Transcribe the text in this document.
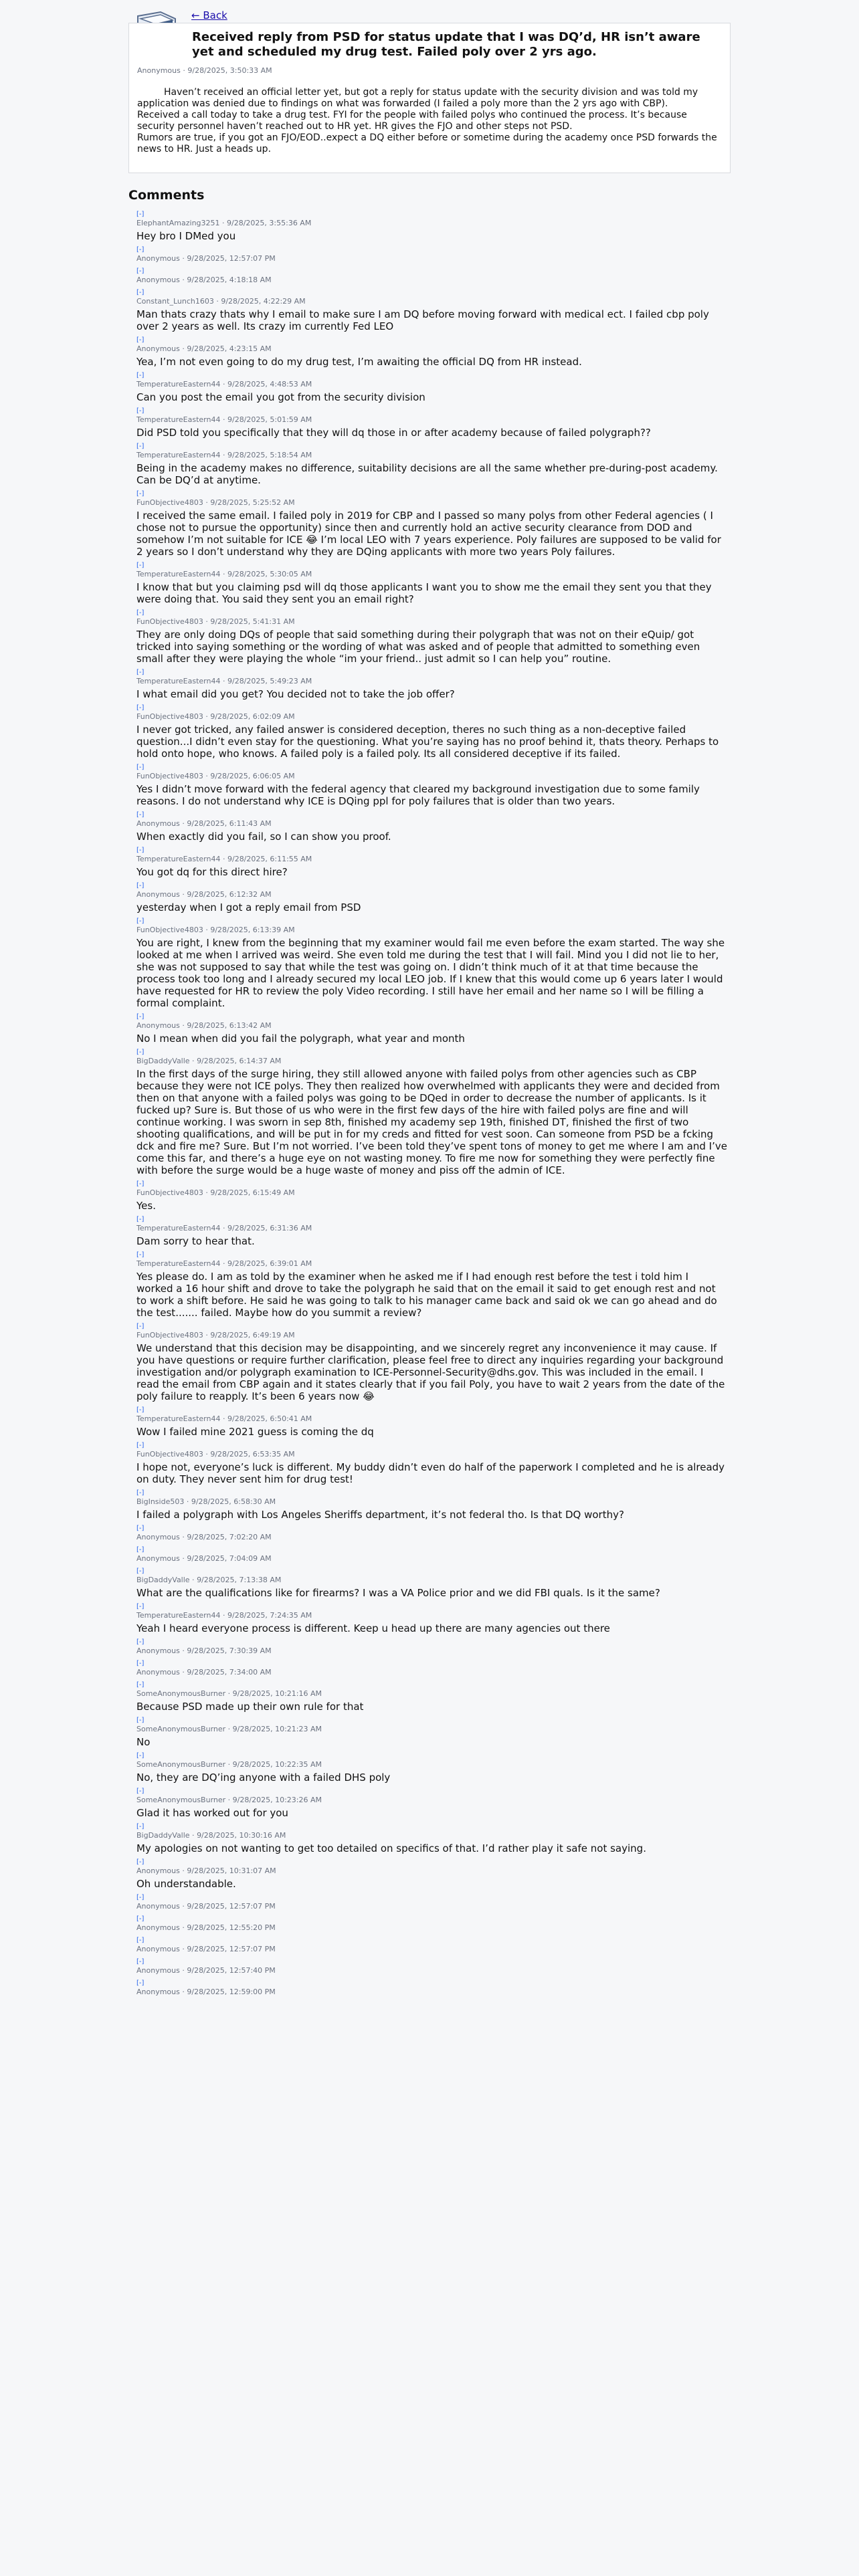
← Back
Received reply from PSD for status update that I was DQ’d, HR isn’t aware yet and scheduled my drug test. Failed poly over 2 yrs ago.
Anonymous · 9/28/2025, 3:50:33 AM
Haven’t received an official letter yet, but got a reply for status update with the security division and was told my application was denied due to findings on what was forwarded (I failed a poly more than the 2 yrs ago with CBP).
Received a call today to take a drug test. FYI for the people with failed polys who continued the process. It’s because security personnel haven’t reached out to HR yet. HR gives the FJO and other steps not PSD.
Rumors are true, if you got an FJO/EOD..expect a DQ either before or sometime during the academy once PSD forwards the news to HR. Just a heads up.
Comments
[-]
ElephantAmazing3251 · 9/28/2025, 3:55:36 AM
Hey bro I DMed you
[-]
Anonymous · 9/28/2025, 12:57:07 PM
[-]
Anonymous · 9/28/2025, 4:18:18 AM
[-]
Constant_Lunch1603 · 9/28/2025, 4:22:29 AM
Man thats crazy thats why I email to make sure I am DQ before moving forward with medical ect. I failed cbp poly over 2 years as well. Its crazy im currently Fed LEO
[-]
Anonymous · 9/28/2025, 4:23:15 AM
Yea, I’m not even going to do my drug test, I’m awaiting the official DQ from HR instead.
[-]
TemperatureEastern44 · 9/28/2025, 4:48:53 AM
Can you post the email you got from the security division
[-]
TemperatureEastern44 · 9/28/2025, 5:01:59 AM
Did PSD told you specifically that they will dq those in or after academy because of failed polygraph??
[-]
TemperatureEastern44 · 9/28/2025, 5:18:54 AM
Being in the academy makes no difference, suitability decisions are all the same whether pre-during-post academy. Can be DQ’d at anytime.
[-]
FunObjective4803 · 9/28/2025, 5:25:52 AM
I received the same email. I failed poly in 2019 for CBP and I passed so many polys from other Federal agencies ( I chose not to pursue the opportunity) since then and currently hold an active security clearance from DOD and somehow I’m not suitable for ICE 😂 I’m local LEO with 7 years experience. Poly failures are supposed to be valid for 2 years so I don’t understand why they are DQing applicants with more two years Poly failures.
[-]
TemperatureEastern44 · 9/28/2025, 5:30:05 AM
I know that but you claiming psd will dq those applicants I want you to show me the email they sent you that they were doing that. You said they sent you an email right?
[-]
FunObjective4803 · 9/28/2025, 5:41:31 AM
They are only doing DQs of people that said something during their polygraph that was not on their eQuip/ got tricked into saying something or the wording of what was asked and of people that admitted to something even small after they were playing the whole “im your friend.. just admit so I can help you” routine.
[-]
TemperatureEastern44 · 9/28/2025, 5:49:23 AM
I what email did you get? You decided not to take the job offer?
[-]
FunObjective4803 · 9/28/2025, 6:02:09 AM
I never got tricked, any failed answer is considered deception, theres no such thing as a non-deceptive failed question...I didn’t even stay for the questioning. What you’re saying has no proof behind it, thats theory. Perhaps to hold onto hope, who knows. A failed poly is a failed poly. Its all considered deceptive if its failed.
[-]
FunObjective4803 · 9/28/2025, 6:06:05 AM
Yes I didn’t move forward with the federal agency that cleared my background investigation due to some family reasons. I do not understand why ICE is DQing ppl for poly failures that is older than two years.
[-]
Anonymous · 9/28/2025, 6:11:43 AM
When exactly did you fail, so I can show you proof.
[-]
TemperatureEastern44 · 9/28/2025, 6:11:55 AM
You got dq for this direct hire?
[-]
Anonymous · 9/28/2025, 6:12:32 AM
yesterday when I got a reply email from PSD
[-]
FunObjective4803 · 9/28/2025, 6:13:39 AM
You are right, I knew from the beginning that my examiner would fail me even before the exam started. The way she looked at me when I arrived was weird. She even told me during the test that I will fail. Mind you I did not lie to her, she was not supposed to say that while the test was going on. I didn’t think much of it at that time because the process took too long and I already secured my local LEO job. If I knew that this would come up 6 years later I would have requested for HR to review the poly Video recording. I still have her email and her name so I will be filling a formal complaint.
[-]
Anonymous · 9/28/2025, 6:13:42 AM
No I mean when did you fail the polygraph, what year and month
[-]
BigDaddyValle · 9/28/2025, 6:14:37 AM
In the first days of the surge hiring, they still allowed anyone with failed polys from other agencies such as CBP because they were not ICE polys. They then realized how overwhelmed with applicants they were and decided from then on that anyone with a failed polys was going to be DQed in order to decrease the number of applicants. Is it fucked up? Sure is. But those of us who were in the first few days of the hire with failed polys are fine and will continue working. I was sworn in sep 8th, finished my academy sep 19th, finished DT, finished the first of two shooting qualifications, and will be put in for my creds and fitted for vest soon. Can someone from PSD be a fcking dck and fire me? Sure. But I’m not worried. I’ve been told they’ve spent tons of money to get me where I am and I’ve come this far, and there’s a huge eye on not wasting money. To fire me now for something they were perfectly fine with before the surge would be a huge waste of money and piss off the admin of ICE.
[-]
FunObjective4803 · 9/28/2025, 6:15:49 AM
Yes.
[-]
TemperatureEastern44 · 9/28/2025, 6:31:36 AM
Dam sorry to hear that.
[-]
TemperatureEastern44 · 9/28/2025, 6:39:01 AM
Yes please do. I am as told by the examiner when he asked me if I had enough rest before the test i told him I worked a 16 hour shift and drove to take the polygraph he said that on the email it said to get enough rest and not to work a shift before. He said he was going to talk to his manager came back and said ok we can go ahead and do the test....... failed. Maybe how do you summit a review?
[-]
FunObjective4803 · 9/28/2025, 6:49:19 AM
We understand that this decision may be disappointing, and we sincerely regret any inconvenience it may cause. If you have questions or require further clarification, please feel free to direct any inquiries regarding your background investigation and/or polygraph examination to ICE-Personnel-Security@dhs.gov. This was included in the email. I read the email from CBP again and it states clearly that if you fail Poly, you have to wait 2 years from the date of the poly failure to reapply. It’s been 6 years now 😂
[-]
TemperatureEastern44 · 9/28/2025, 6:50:41 AM
Wow I failed mine 2021 guess is coming the dq
[-]
FunObjective4803 · 9/28/2025, 6:53:35 AM
I hope not, everyone’s luck is different. My buddy didn’t even do half of the paperwork I completed and he is already on duty. They never sent him for drug test!
[-]
BigInside503 · 9/28/2025, 6:58:30 AM
I failed a polygraph with Los Angeles Sheriffs department, it’s not federal tho. Is that DQ worthy?
[-]
Anonymous · 9/28/2025, 7:02:20 AM
[-]
Anonymous · 9/28/2025, 7:04:09 AM
[-]
BigDaddyValle · 9/28/2025, 7:13:38 AM
What are the qualifications like for firearms? I was a VA Police prior and we did FBI quals. Is it the same?
[-]
TemperatureEastern44 · 9/28/2025, 7:24:35 AM
Yeah I heard everyone process is different. Keep u head up there are many agencies out there
[-]
Anonymous · 9/28/2025, 7:30:39 AM
[-]
Anonymous · 9/28/2025, 7:34:00 AM
[-]
SomeAnonymousBurner · 9/28/2025, 10:21:16 AM
Because PSD made up their own rule for that
[-]
SomeAnonymousBurner · 9/28/2025, 10:21:23 AM
No
[-]
SomeAnonymousBurner · 9/28/2025, 10:22:35 AM
No, they are DQ’ing anyone with a failed DHS poly
[-]
SomeAnonymousBurner · 9/28/2025, 10:23:26 AM
Glad it has worked out for you
[-]
BigDaddyValle · 9/28/2025, 10:30:16 AM
My apologies on not wanting to get too detailed on specifics of that. I’d rather play it safe not saying.
[-]
Anonymous · 9/28/2025, 10:31:07 AM
Oh understandable.
[-]
Anonymous · 9/28/2025, 12:57:07 PM
[-]
Anonymous · 9/28/2025, 12:55:20 PM
[-]
Anonymous · 9/28/2025, 12:57:07 PM
[-]
Anonymous · 9/28/2025, 12:57:40 PM
[-]
Anonymous · 9/28/2025, 12:59:00 PM
